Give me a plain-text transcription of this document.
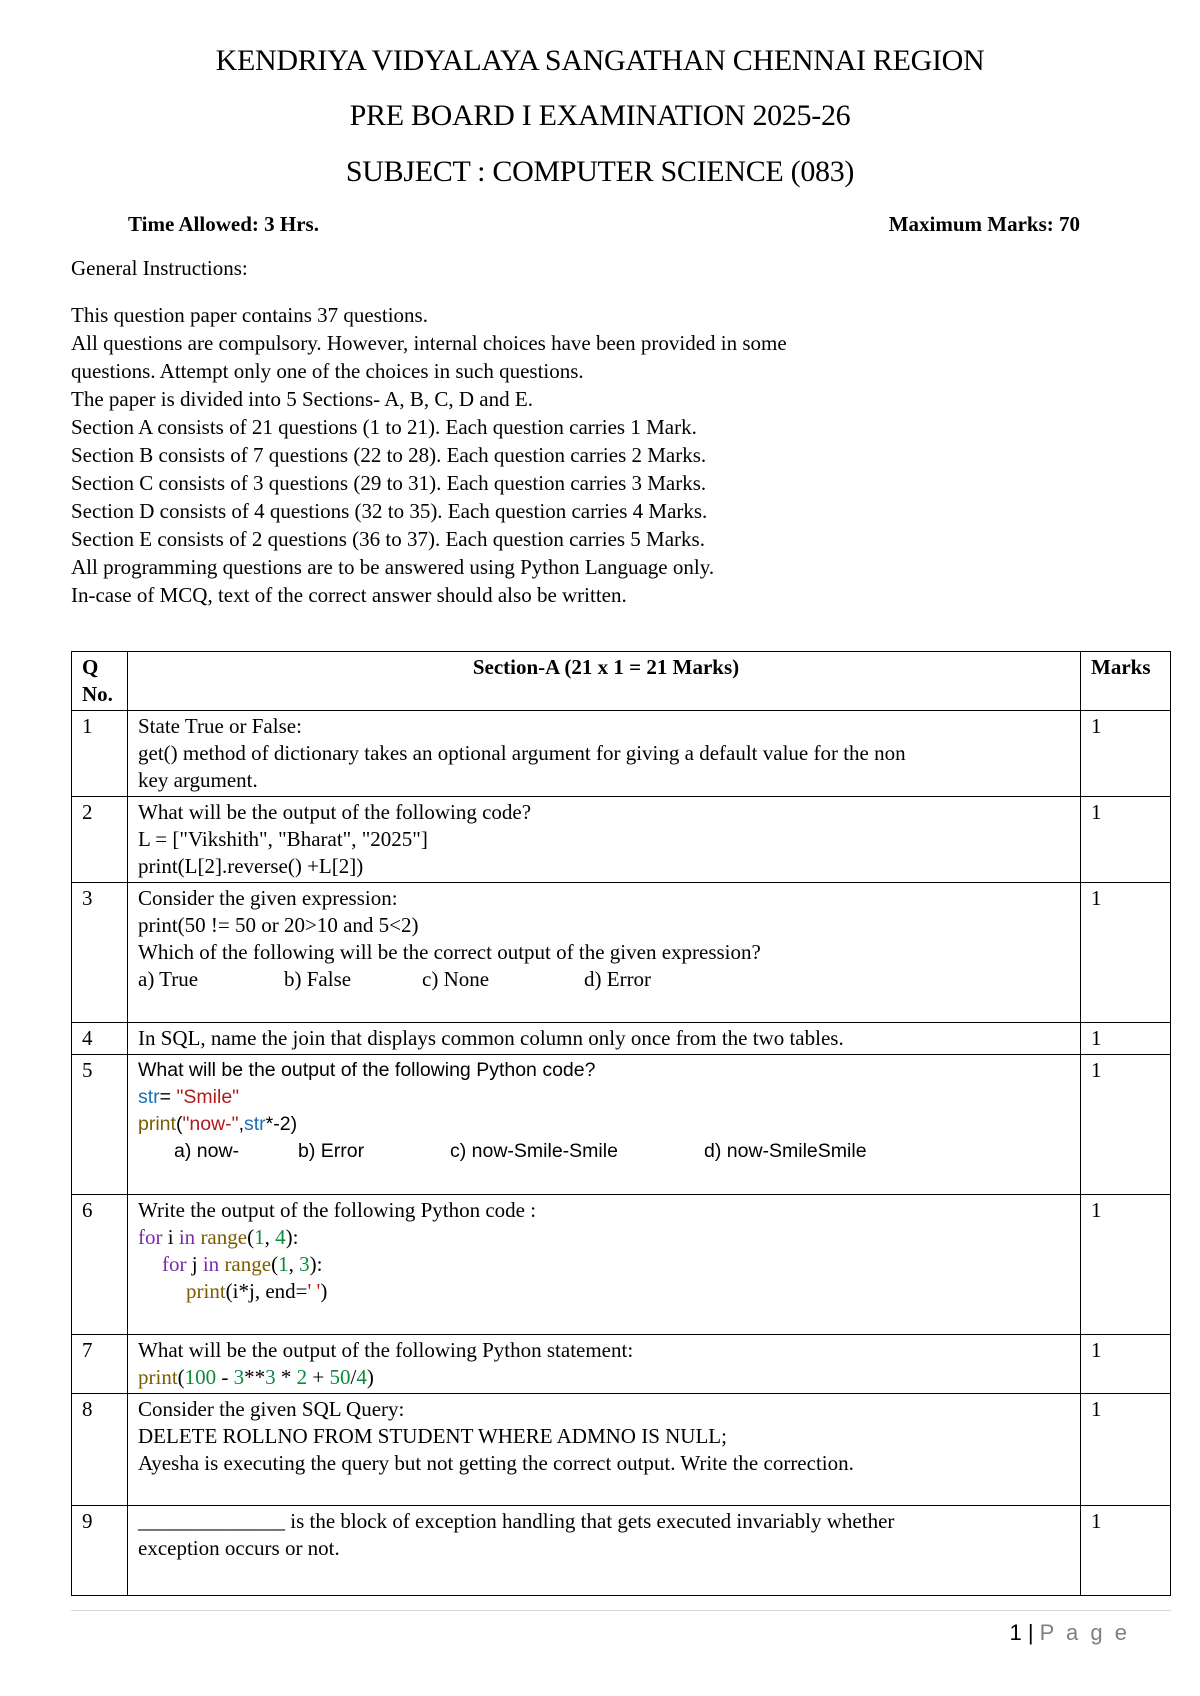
KENDRIYA VIDYALAYA SANGATHAN CHENNAI REGION
PRE BOARD I EXAMINATION 2025-26
SUBJECT : COMPUTER SCIENCE (083)
Time Allowed: 3 Hrs.	Maximum Marks: 70
General Instructions:
This question paper contains 37 questions.
All questions are compulsory. However, internal choices have been provided in some
questions. Attempt only one of the choices in such questions.
The paper is divided into 5 Sections- A, B, C, D and E.
Section A consists of 21 questions (1 to 21). Each question carries 1 Mark.
Section B consists of 7 questions (22 to 28). Each question carries 2 Marks.
Section C consists of 3 questions (29 to 31). Each question carries 3 Marks.
Section D consists of 4 questions (32 to 35). Each question carries 4 Marks.
Section E consists of 2 questions (36 to 37). Each question carries 5 Marks.
All programming questions are to be answered using Python Language only.
In-case of MCQ, text of the correct answer should also be written.
Q No.	Section-A (21 x 1 = 21 Marks)	Marks
1	State True or False:
get() method of dictionary takes an optional argument for giving a default value for the non
key argument.	1
2	What will be the output of the following code?
L = ["Vikshith", "Bharat", "2025"]
print(L[2].reverse() +L[2])	1
3	Consider the given expression:
print(50 != 50 or 20>10 and 5<2)
Which of the following will be the correct output of the given expression?
a) True b) False c) None d) Error	1
4	In SQL, name the join that displays common column only once from the two tables.	1
5	What will be the output of the following Python code?
str= "Smile"
print("now-",str*-2)
a) now- b) Error c) now-Smile-Smile d) now-SmileSmile	1
6	Write the output of the following Python code :
for i in range(1, 4):
for j in range(1, 3):
print(i*j, end=' ')	1
7	What will be the output of the following Python statement:
print(100 - 3**3 * 2 + 50/4)	1
8	Consider the given SQL Query:
DELETE ROLLNO FROM STUDENT WHERE ADMNO IS NULL;
Ayesha is executing the query but not getting the correct output. Write the correction.	1
9	______________ is the block of exception handling that gets executed invariably whether
exception occurs or not.	1
1 | P a g e
